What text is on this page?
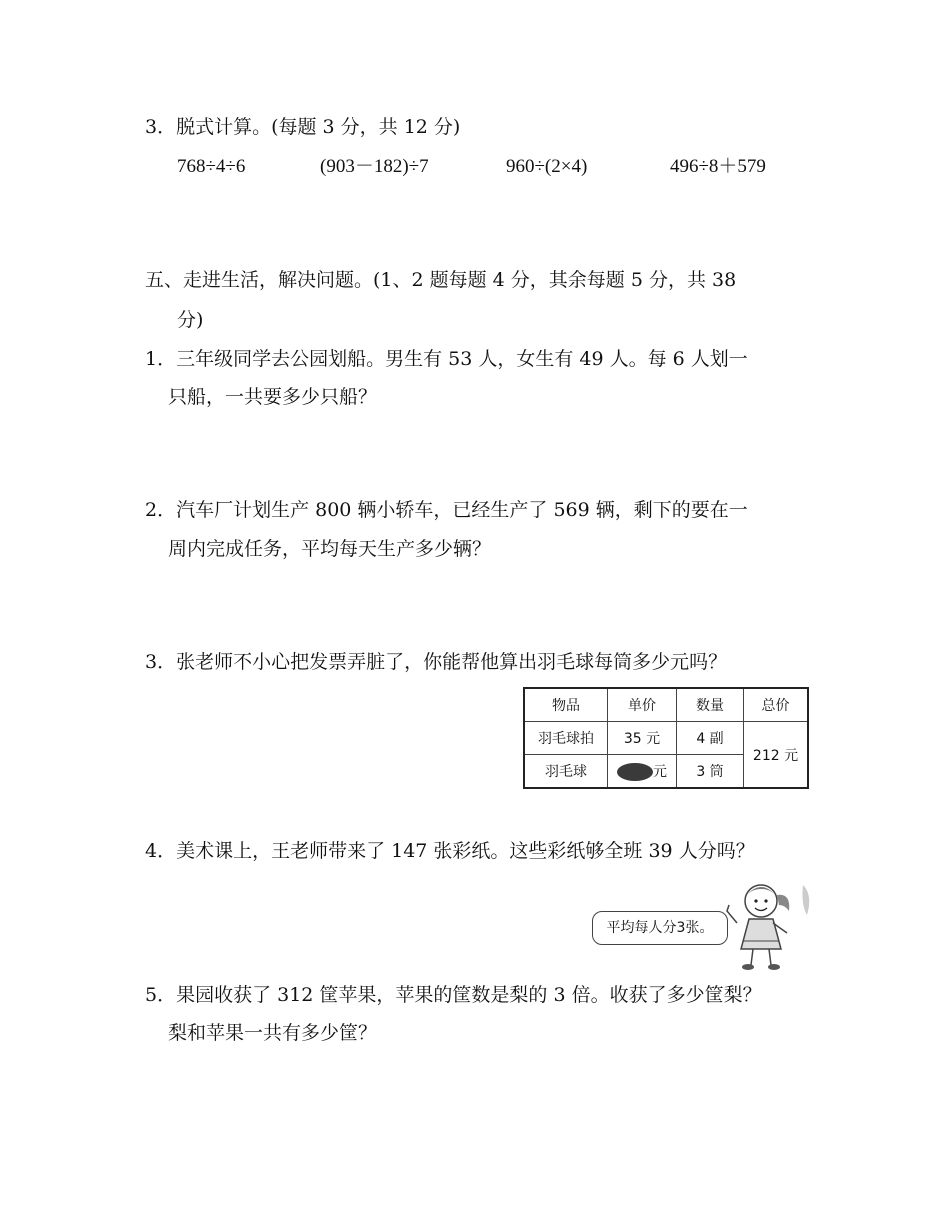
3．脱式计算。(每题 3 分，共 12 分)
768÷4÷6	(903－182)÷7	960÷(2×4)	496÷8＋579
五、走进生活，解决问题。(1、2 题每题 4 分，其余每题 5 分，共 38
分)
1．三年级同学去公园划船。男生有 53 人，女生有 49 人。每 6 人划一
只船，一共要多少只船？
2．汽车厂计划生产 800 辆小轿车，已经生产了 569 辆，剩下的要在一
周内完成任务，平均每天生产多少辆？
3．张老师不小心把发票弄脏了，你能帮他算出羽毛球每筒多少元吗？
物品	单价	数量	总价
羽毛球拍	35 元	4 副	212 元
羽毛球	元	3 筒	
4．美术课上，王老师带来了 147 张彩纸。这些彩纸够全班 39 人分吗？
平均每人分3张。
5．果园收获了 312 筐苹果，苹果的筐数是梨的 3 倍。收获了多少筐梨？
梨和苹果一共有多少筐？
